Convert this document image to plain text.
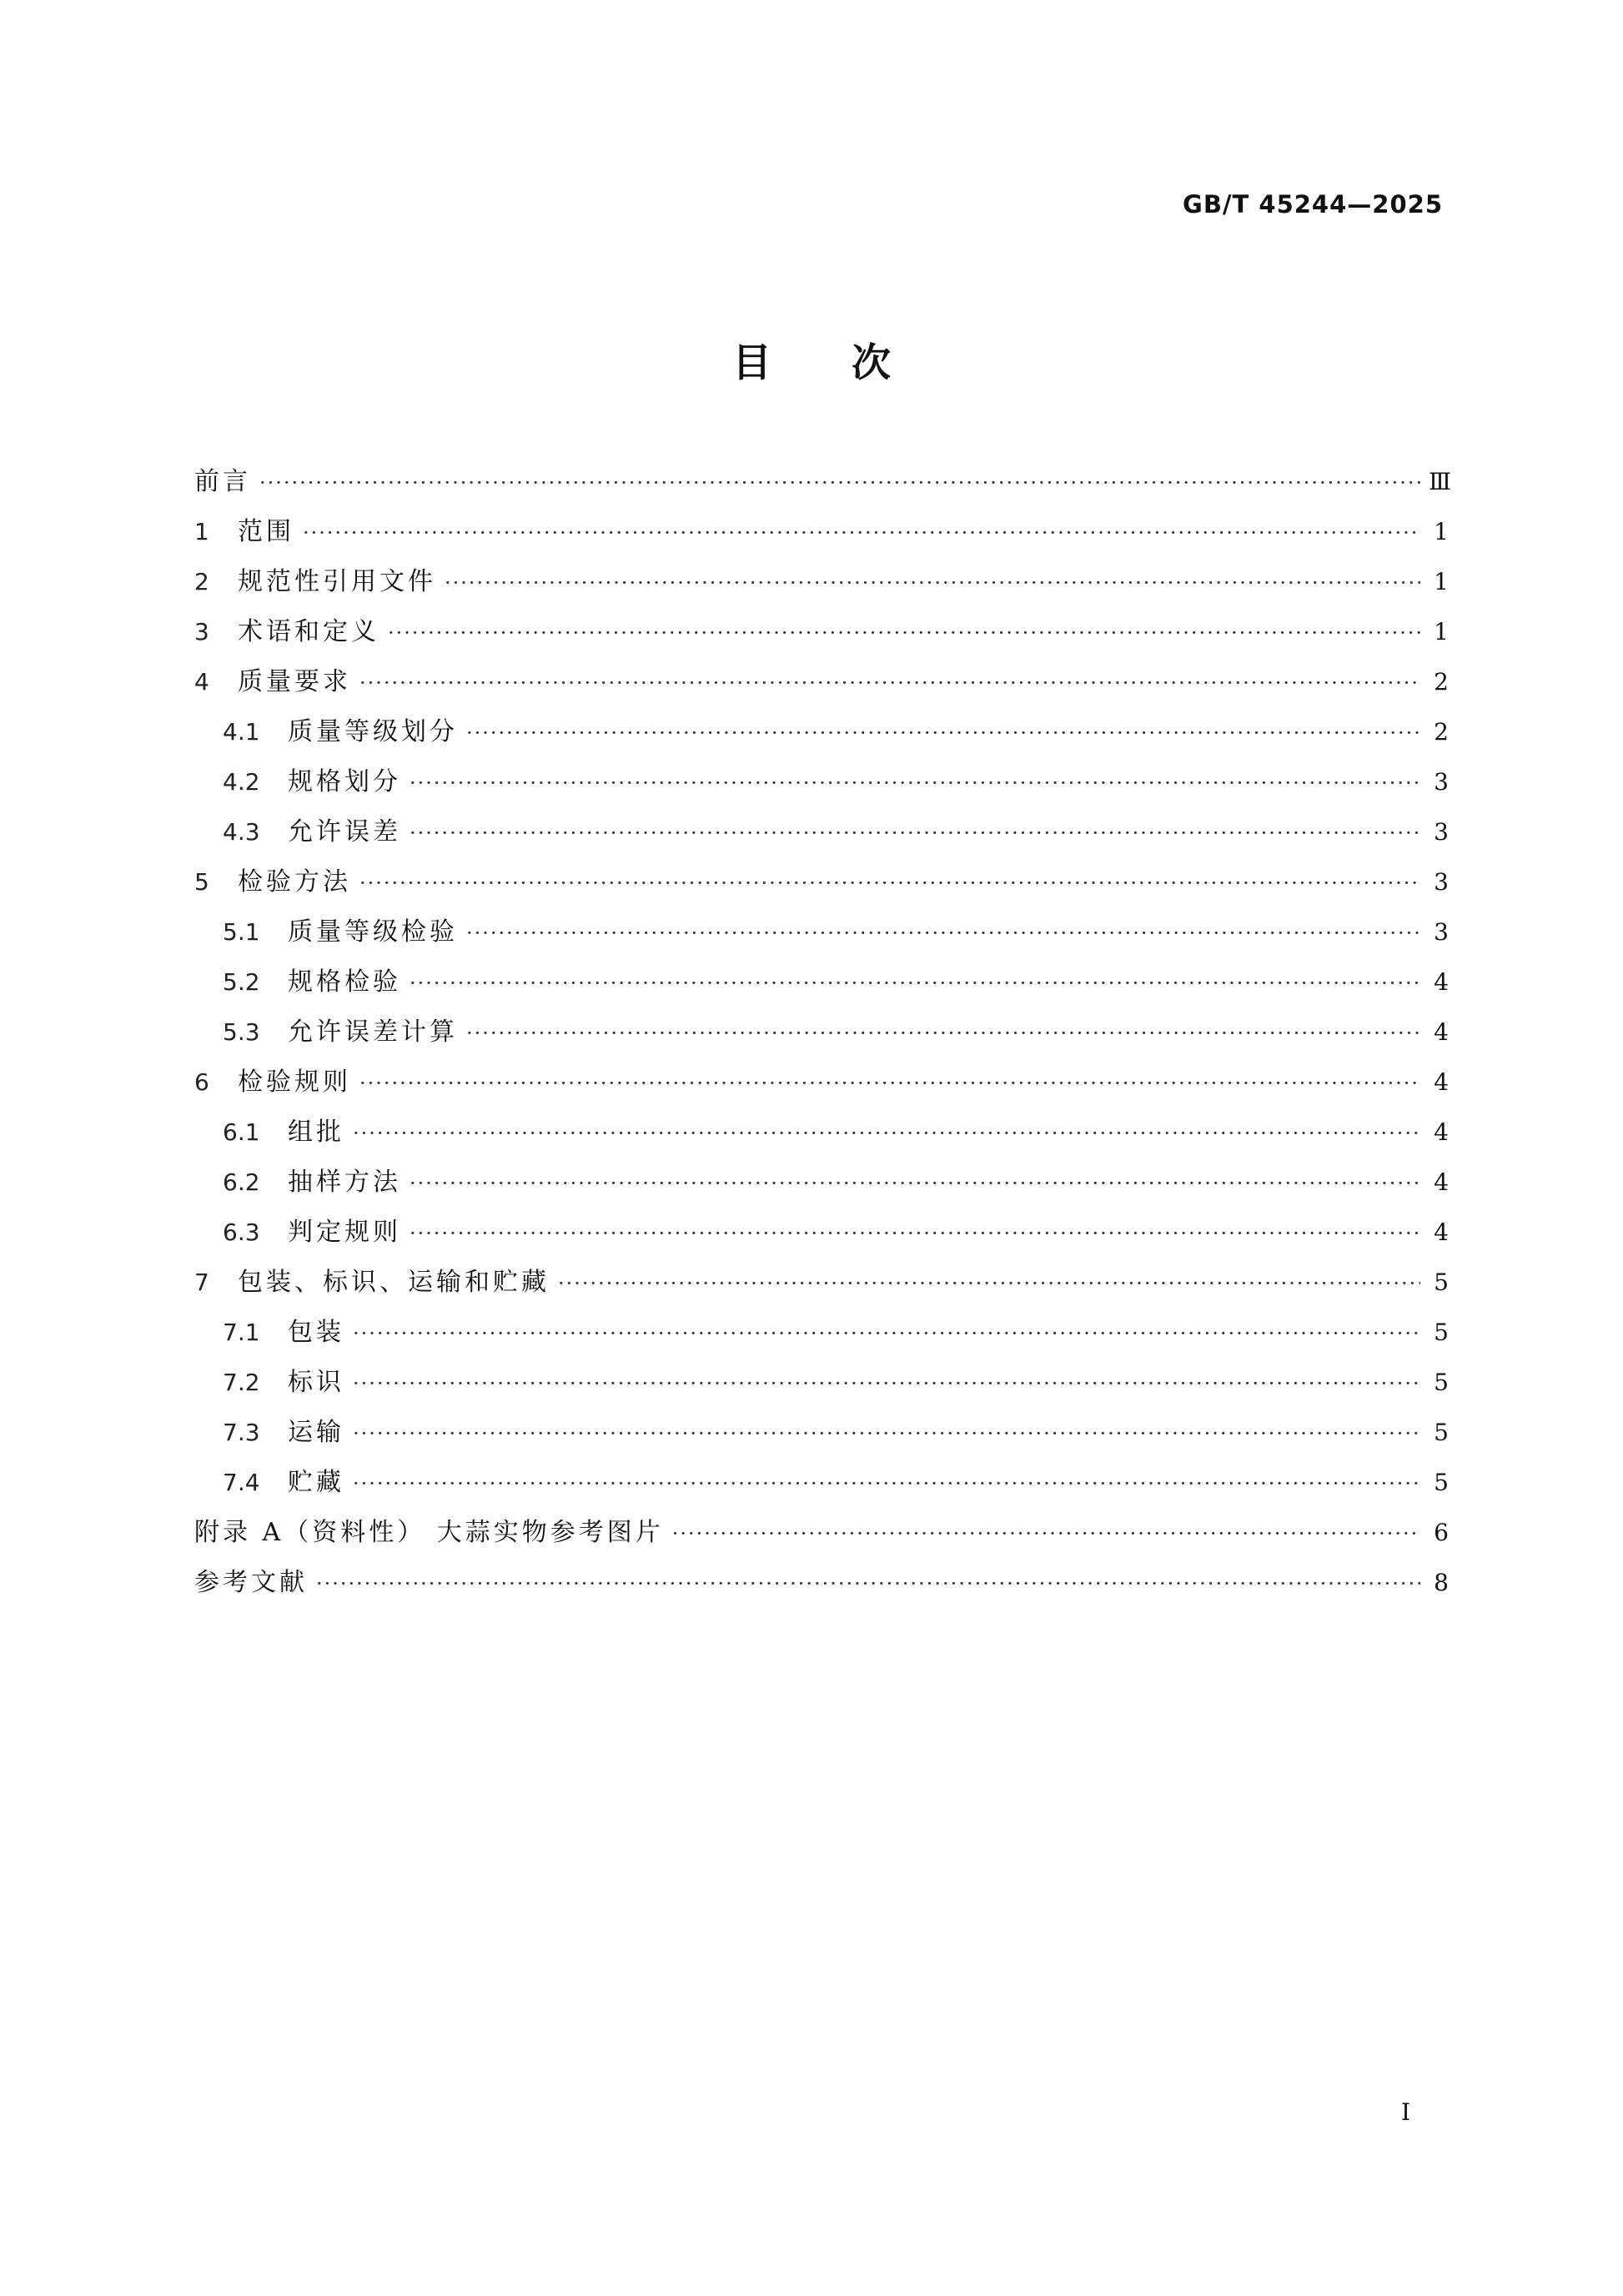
GB/T 45244—2025
目 次
前言 ·····	Ⅲ
1	范围 ·····	1
2	规范性引用文件 ·····	1
3	术语和定义 ·····	1
4	质量要求 ·····	2
4.1	质量等级划分 ·····	2
4.2	规格划分 ·····	3
4.3	允许误差 ·····	3
5	检验方法 ·····	3
5.1	质量等级检验 ·····	3
5.2	规格检验 ·····	4
5.3	允许误差计算 ·····	4
6	检验规则 ·····	4
6.1	组批 ·····	4
6.2	抽样方法 ·····	4
6.3	判定规则 ·····	4
7	包装、标识、运输和贮藏 ·····	5
7.1	包装 ·····	5
7.2	标识 ·····	5
7.3	运输 ·····	5
7.4	贮藏 ·····	5
附录 A（资料性） 大蒜实物参考图片 ·····	6
参考文献 ·····	8
Ⅰ
